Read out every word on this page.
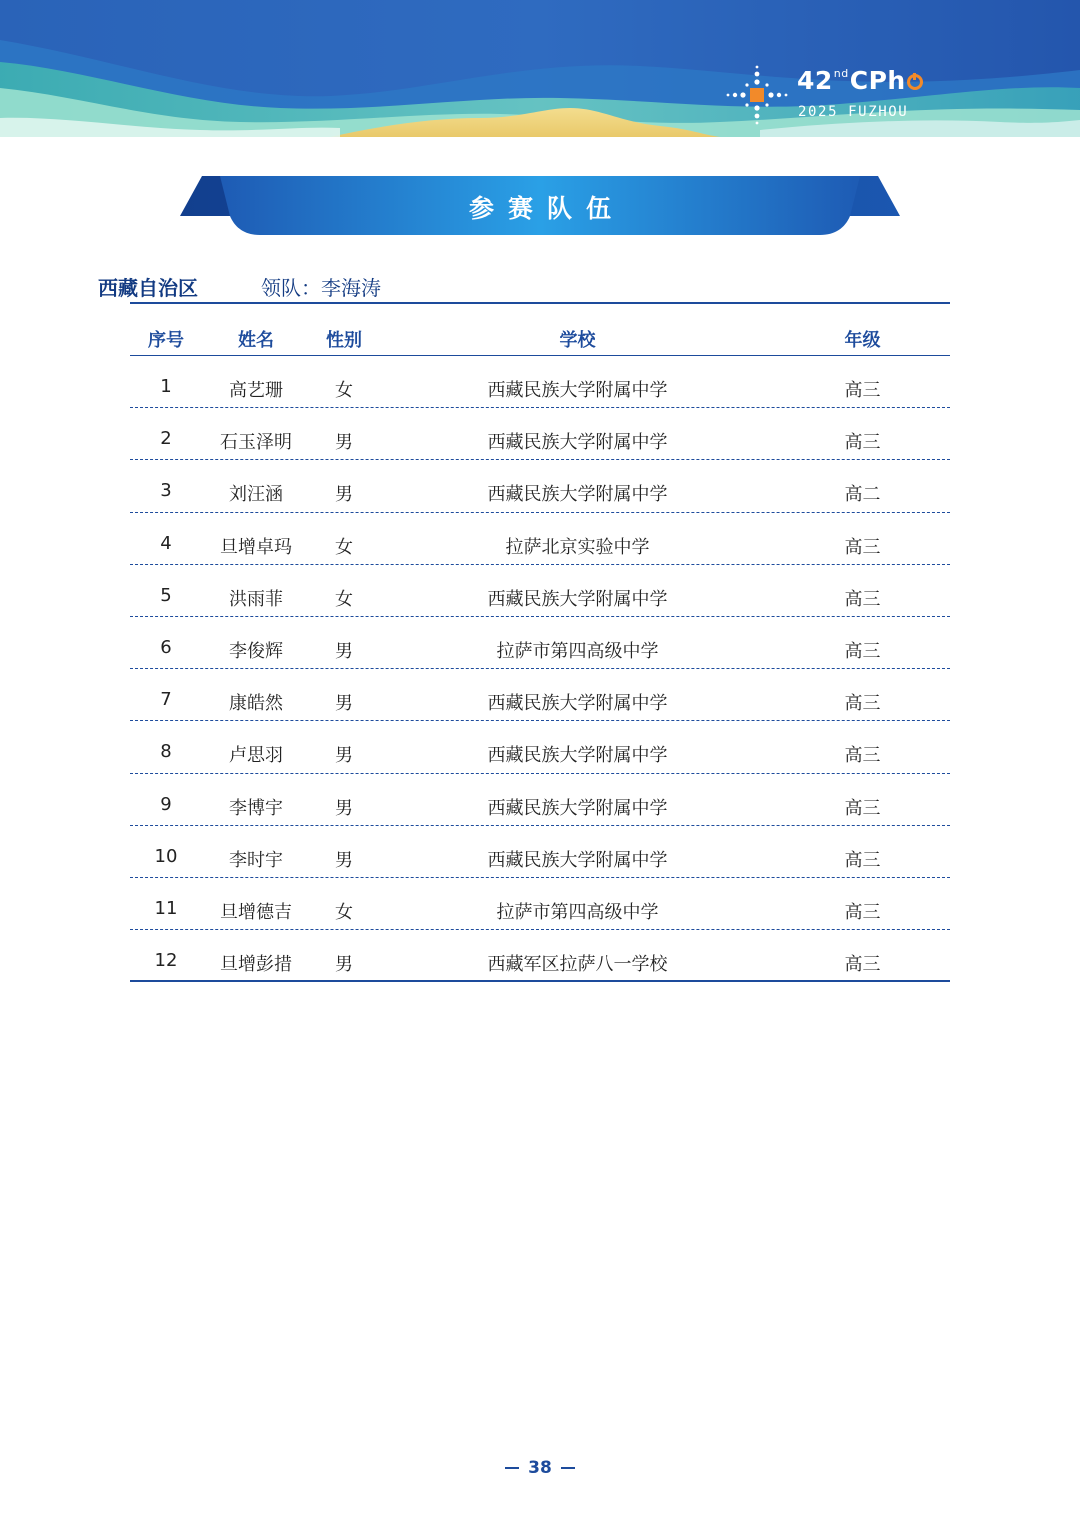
42ndCPh
2025 FUZHOU
参赛队伍
西藏自治区	领队：李海涛
序号	姓名	性别	学校	年级
1	高艺珊	女	西藏民族大学附属中学	高三
2	石玉泽明	男	西藏民族大学附属中学	高三
3	刘汪涵	男	西藏民族大学附属中学	高二
4	旦增卓玛	女	拉萨北京实验中学	高三
5	洪雨菲	女	西藏民族大学附属中学	高三
6	李俊辉	男	拉萨市第四高级中学	高三
7	康皓然	男	西藏民族大学附属中学	高三
8	卢思羽	男	西藏民族大学附属中学	高三
9	李博宇	男	西藏民族大学附属中学	高三
10	李时宇	男	西藏民族大学附属中学	高三
11	旦增德吉	女	拉萨市第四高级中学	高三
12	旦增彭措	男	西藏军区拉萨八一学校	高三
38
